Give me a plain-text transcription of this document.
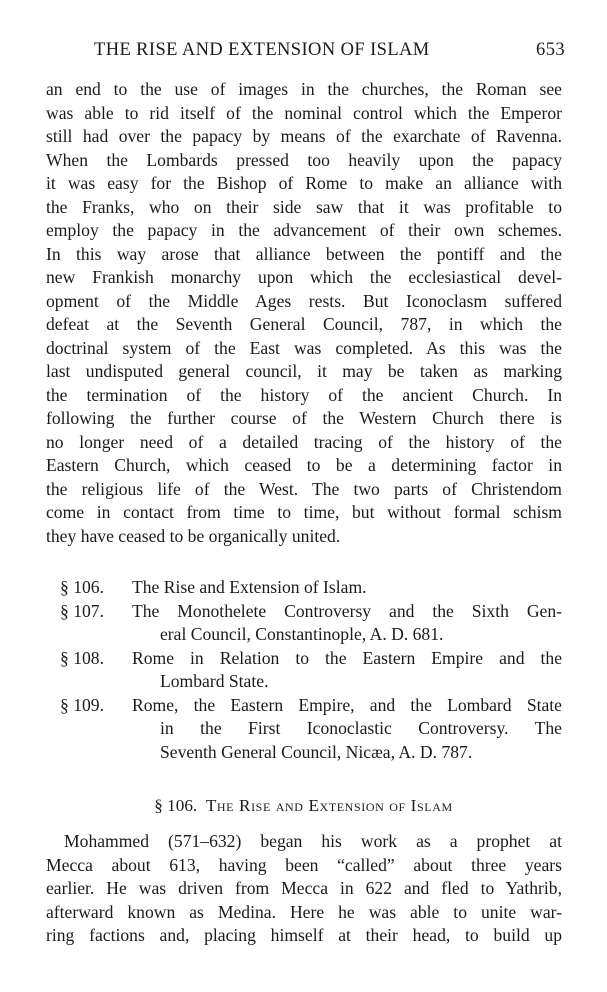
THE RISE AND EXTENSION OF ISLAM	653
an end to the use of images in the churches, the Roman see
was able to rid itself of the nominal control which the Emperor
still had over the papacy by means of the exarchate of Ravenna.
When the Lombards pressed too heavily upon the papacy
it was easy for the Bishop of Rome to make an alliance with
the Franks, who on their side saw that it was profitable to
employ the papacy in the advancement of their own schemes.
In this way arose that alliance between the pontiff and the
new Frankish monarchy upon which the ecclesiastical devel-
opment of the Middle Ages rests. But Iconoclasm suffered
defeat at the Seventh General Council, 787, in which the
doctrinal system of the East was completed. As this was the
last undisputed general council, it may be taken as marking
the termination of the history of the ancient Church. In
following the further course of the Western Church there is
no longer need of a detailed tracing of the history of the
Eastern Church, which ceased to be a determining factor in
the religious life of the West. The two parts of Christendom
come in contact from time to time, but without formal schism
they have ceased to be organically united.
§ 106. The Rise and Extension of Islam.
§ 107. The Monothelete Controversy and the Sixth Gen-
eral Council, Constantinople, A. D. 681.
§ 108. Rome in Relation to the Eastern Empire and the
Lombard State.
§ 109. Rome, the Eastern Empire, and the Lombard State
in the First Iconoclastic Controversy. The
Seventh General Council, Nicæa, A. D. 787.
§ 106. The Rise and Extension of Islam
Mohammed (571–632) began his work as a prophet at
Mecca about 613, having been “called” about three years
earlier. He was driven from Mecca in 622 and fled to Yathrib,
afterward known as Medina. Here he was able to unite war-
ring factions and, placing himself at their head, to build up
